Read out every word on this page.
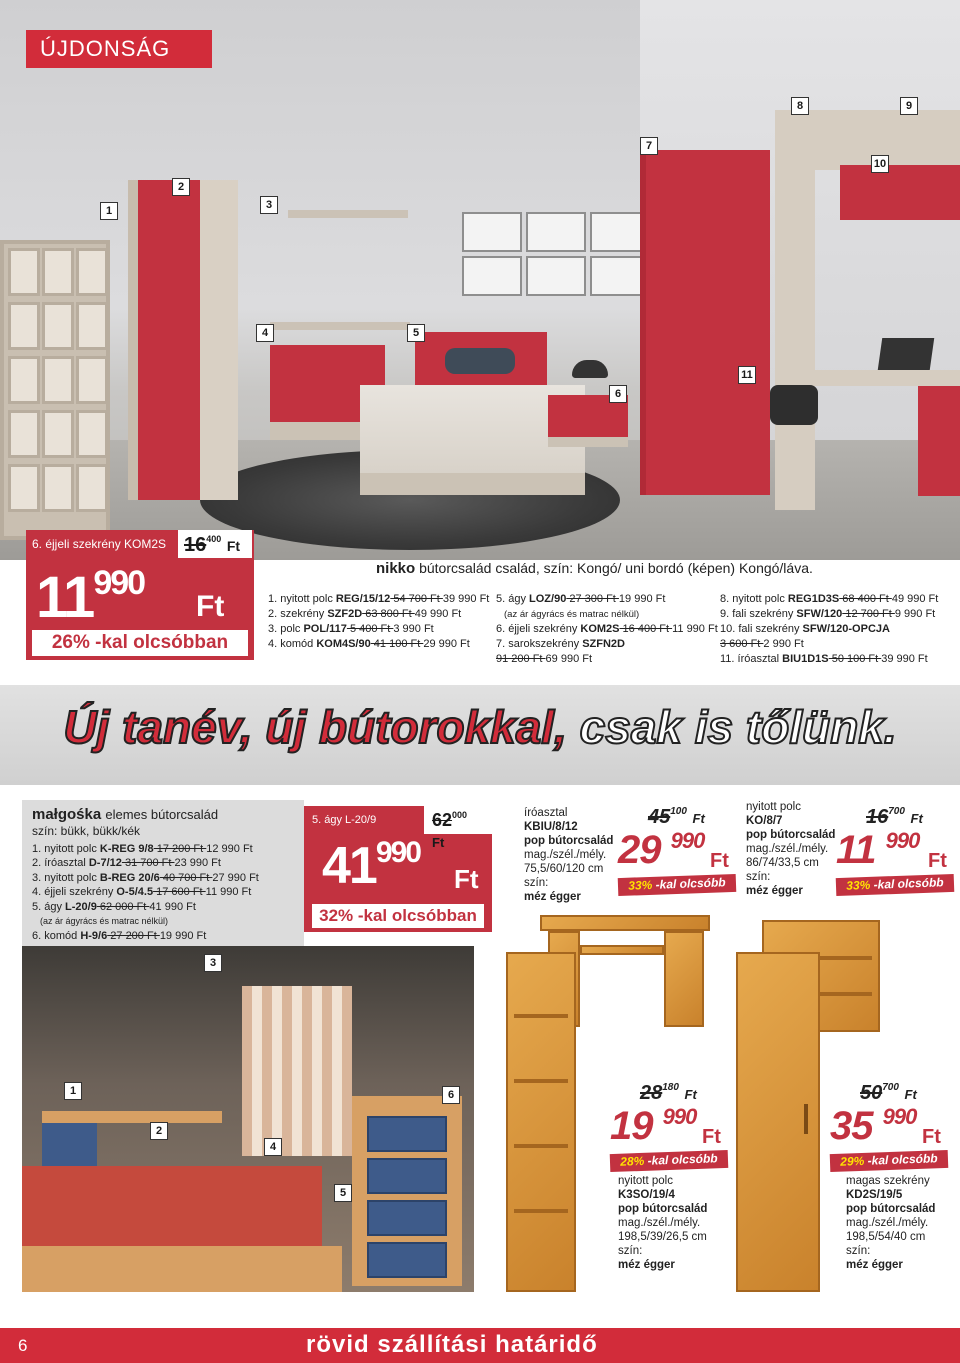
ÚJDONSÁG
1
2
3
4	5
6
7
8	9
10
11
6. éjjeli szekrény KOM2S $16^{400}$ Ft
$11^{990}$
Ft
26% -kal olcsóbban
nikko bútorcsalád család, szín: Kongó/ uni bordó (képen) Kongó/láva.
1. nyitott polc REG/15/12 54 700 Ft 39 990 Ft
2. szekrény SZF2D 63 800 Ft 49 990 Ft
3. polc POL/117 5 400 Ft 3 990 Ft
4. komód KOM4S/90 41 100 Ft 29 990 Ft
5. ágy LOZ/90 27 300 Ft 19 990 Ft
(az ár ágyrács és matrac nélkül)
6. éjjeli szekrény KOM2S 16 400 Ft 11 990 Ft
7. sarokszekrény SZFN2D
91 200 Ft 69 990 Ft
8. nyitott polc REG1D3S 68 400 Ft 49 990 Ft
9. fali szekrény SFW/120 12 700 Ft 9 990 Ft
10. fali szekrény SFW/120-OPCJA
3 600 Ft 2 990 Ft
11. íróasztal BIU1D1S 50 100 Ft 39 990 Ft
Új tanév, új bútorokkal, csak is tőlünk.
małgośka elemes bútorcsalád
szín: bükk, bükk/kék
1. nyitott polc K-REG 9/8 17 200 Ft 12 990 Ft
2. íróasztal D-7/12 31 700 Ft 23 990 Ft
3. nyitott polc B-REG 20/6 40 700 Ft 27 990 Ft
4. éjjeli szekrény O-5/4.5 17 600 Ft 11 990 Ft
5. ágy L-20/9 62 000 Ft 41 990 Ft
(az ár ágyrács és matrac nélkül)
6. komód H-9/6 27 200 Ft 19 990 Ft
5. ágy L-20/9	$62^{000}$ Ft
$41^{990}$
Ft
32% -kal olcsóbban
íróasztal
KBIU/8/12
pop bútorcsalád
mag./szél./mély.
75,5/60/120 cm
szín:
méz égger
$45^{100}$ Ft
29 $^{990}$
Ft
33% -kal olcsóbb
nyitott polc
KO/8/7
pop bútorcsalád
mag./szél./mély.
86/74/33,5 cm
szín:
méz égger
$16^{700}$ Ft
11 $^{990}$
Ft
33% -kal olcsóbb
3
1
2
4
5
6	$28^{180}$ Ft
19 $^{990}$
Ft
28% -kal olcsóbb
nyitott polc
K3SO/19/4
pop bútorcsalád
mag./szél./mély.
198,5/39/26,5 cm
szín:
méz égger
$50^{700}$ Ft
35 $^{990}$
Ft
29% -kal olcsóbb
magas szekrény
KD2S/19/5
pop bútorcsalád
mag./szél./mély.
198,5/54/40 cm
szín:
méz égger
6	rövid szállítási határidő
